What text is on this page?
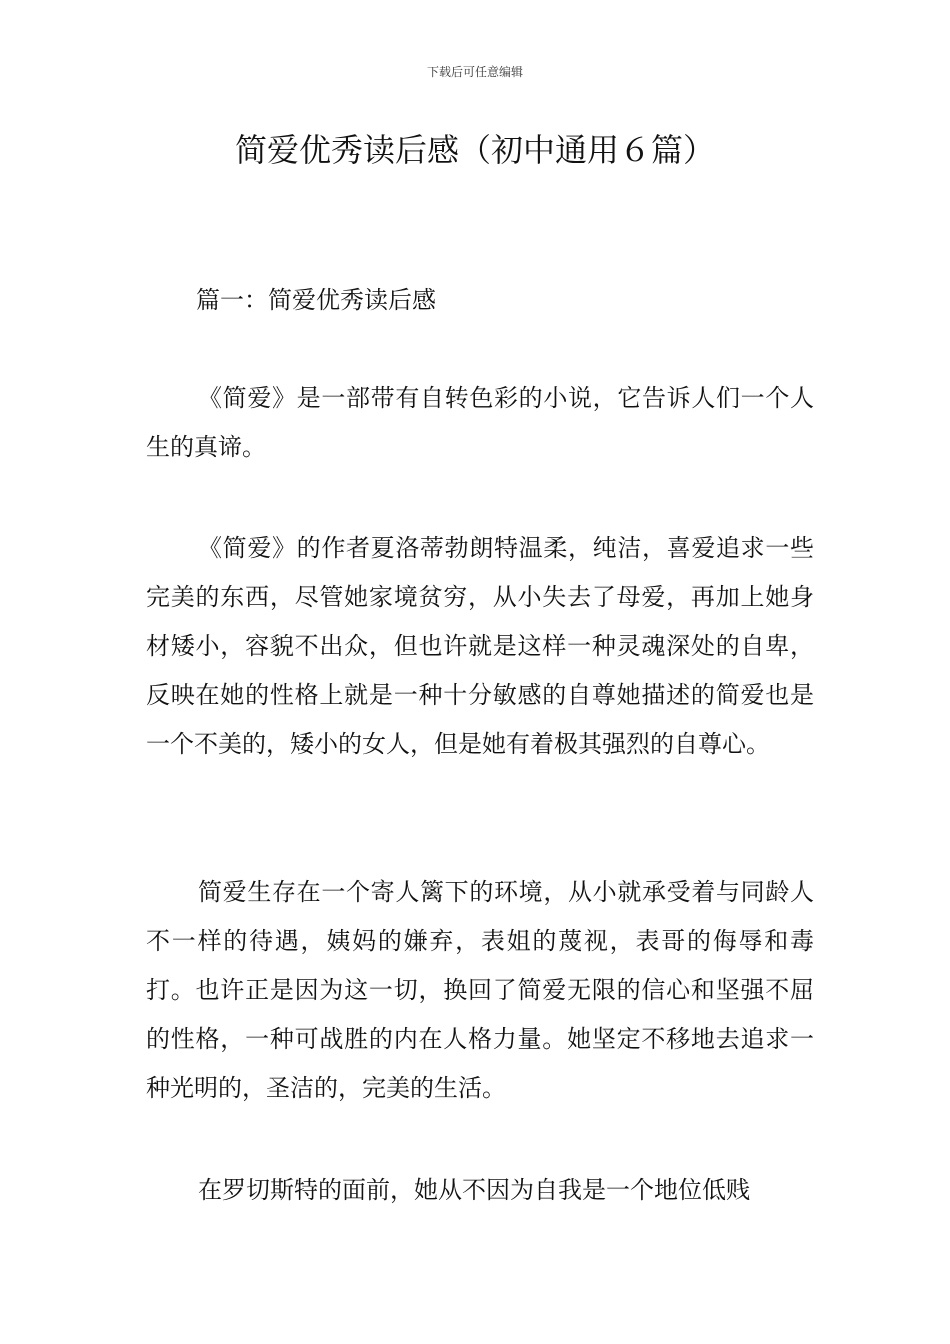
下载后可任意编辑
简爱优秀读后感（初中通用６篇）
篇一：简爱优秀读后感

《简爱》是一部带有自转色彩的小说，它告诉人们一个人生的真谛。

《简爱》的作者夏洛蒂勃朗特温柔，纯洁，喜爱追求一些完美的东西，尽管她家境贫穷，从小失去了母爱，再加上她身材矮小，容貌不出众，但也许就是这样一种灵魂深处的自卑，反映在她的性格上就是一种十分敏感的自尊她描述的简爱也是一个不美的，矮小的女人，但是她有着极其强烈的自尊心。

简爱生存在一个寄人篱下的环境，从小就承受着与同龄人不一样的待遇，姨妈的嫌弃，表姐的蔑视，表哥的侮辱和毒打。也许正是因为这一切，换回了简爱无限的信心和坚强不屈的性格，一种可战胜的内在人格力量。她坚定不移地去追求一种光明的，圣洁的，完美的生活。

在罗切斯特的面前，她从不因为自我是一个地位低贱
